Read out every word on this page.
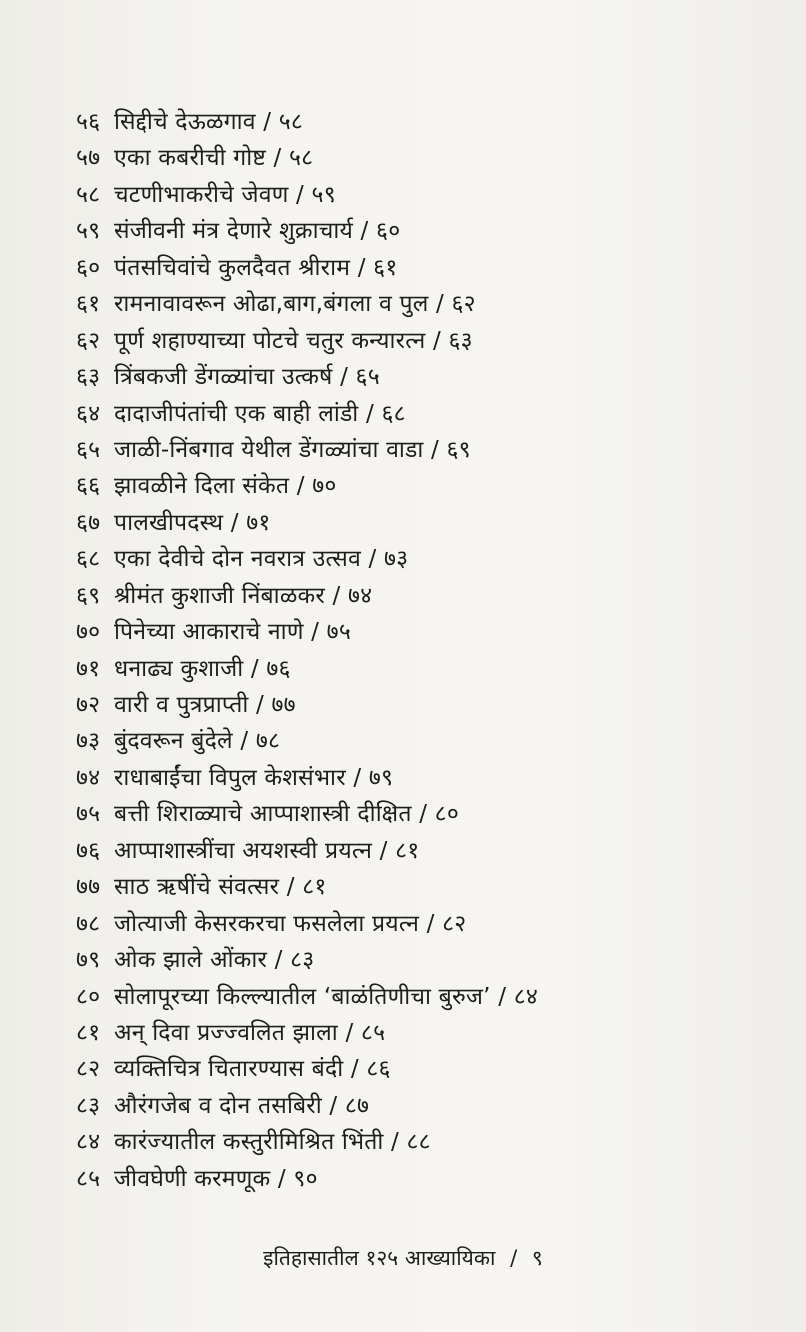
५६ सिद्दीचे देऊळगाव / ५८
५७ एका कबरीची गोष्ट / ५८
५८ चटणीभाकरीचे जेवण / ५९
५९ संजीवनी मंत्र देणारे शुक्राचार्य / ६०
६० पंतसचिवांचे कुलदैवत श्रीराम / ६१
६१ रामनावावरून ओढा,बाग,बंगला व पुल / ६२
६२ पूर्ण शहाण्याच्या पोटचे चतुर कन्यारत्न / ६३
६३ त्रिंबकजी डेंगळ्यांचा उत्कर्ष / ६५
६४ दादाजीपंतांची एक बाही लांडी / ६८
६५ जाळी-निंबगाव येथील डेंगळ्यांचा वाडा / ६९
६६ झावळीने दिला संकेत / ७०
६७ पालखीपदस्थ / ७१
६८ एका देवीचे दोन नवरात्र उत्सव / ७३
६९ श्रीमंत कुशाजी निंबाळकर / ७४
७० पिनेच्या आकाराचे नाणे / ७५
७१ धनाढ्य कुशाजी / ७६
७२ वारी व पुत्रप्राप्ती / ७७
७३ बुंदवरून बुंदेले / ७८
७४ राधाबाईंचा विपुल केशसंभार / ७९
७५ बत्ती शिराळ्याचे आप्पाशास्त्री दीक्षित / ८०
७६ आप्पाशास्त्रींचा अयशस्वी प्रयत्न / ८१
७७ साठ ऋषींचे संवत्सर / ८१
७८ जोत्याजी केसरकरचा फसलेला प्रयत्न / ८२
७९ ओक झाले ओंकार / ८३
८० सोलापूरच्या किल्ल्यातील ‘बाळंतिणीचा बुरुज’ / ८४
८१ अन् दिवा प्रज्ज्वलित झाला / ८५
८२ व्यक्तिचित्र चितारण्यास बंदी / ८६
८३ औरंगजेब व दोन तसबिरी / ८७
८४ कारंज्यातील कस्तुरीमिश्रित भिंती / ८८
८५ जीवघेणी करमणूक / ९०
इतिहासातील १२५ आख्यायिका / ९
